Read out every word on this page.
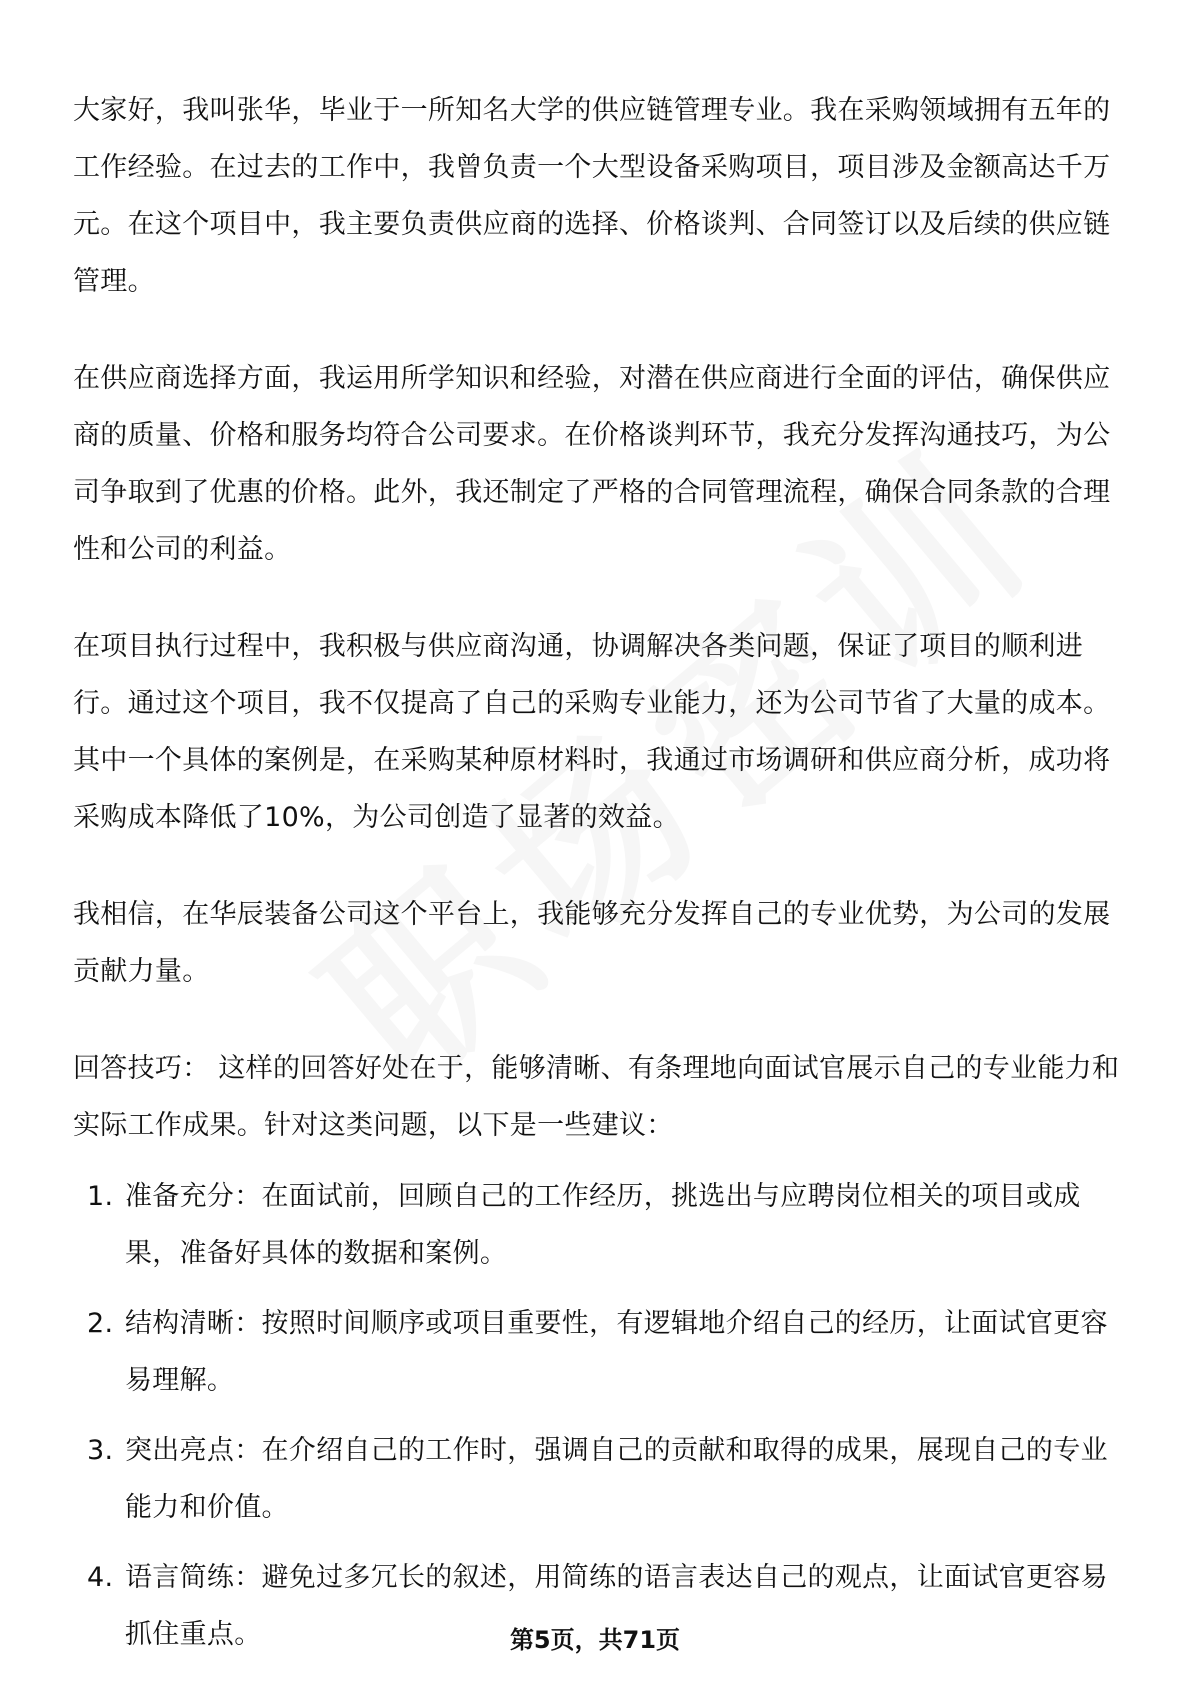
大家好，我叫张华，毕业于一所知名大学的供应链管理专业。我在采购领域拥有五年的工作经验。在过去的工作中，我曾负责一个大型设备采购项目，项目涉及金额高达千万元。在这个项目中，我主要负责供应商的选择、价格谈判、合同签订以及后续的供应链管理。

在供应商选择方面，我运用所学知识和经验，对潜在供应商进行全面的评估，确保供应商的质量、价格和服务均符合公司要求。在价格谈判环节，我充分发挥沟通技巧，为公司争取到了优惠的价格。此外，我还制定了严格的合同管理流程，确保合同条款的合理性和公司的利益。

在项目执行过程中，我积极与供应商沟通，协调解决各类问题，保证了项目的顺利进行。通过这个项目，我不仅提高了自己的采购专业能力，还为公司节省了大量的成本。其中一个具体的案例是，在采购某种原材料时，我通过市场调研和供应商分析，成功将采购成本降低了10%，为公司创造了显著的效益。

我相信，在华辰装备公司这个平台上，我能够充分发挥自己的专业优势，为公司的发展贡献力量。

回答技巧： 这样的回答好处在于，能够清晰、有条理地向面试官展示自己的专业能力和实际工作成果。针对这类问题，以下是一些建议：

1. 准备充分：在面试前，回顾自己的工作经历，挑选出与应聘岗位相关的项目或成果，准备好具体的数据和案例。
2. 结构清晰：按照时间顺序或项目重要性，有逻辑地介绍自己的经历，让面试官更容易理解。
3. 突出亮点：在介绍自己的工作时，强调自己的贡献和取得的成果，展现自己的专业能力和价值。
4. 语言简练：避免过多冗长的叙述，用简练的语言表达自己的观点，让面试官更容易抓住重点。	第5页，共71页
